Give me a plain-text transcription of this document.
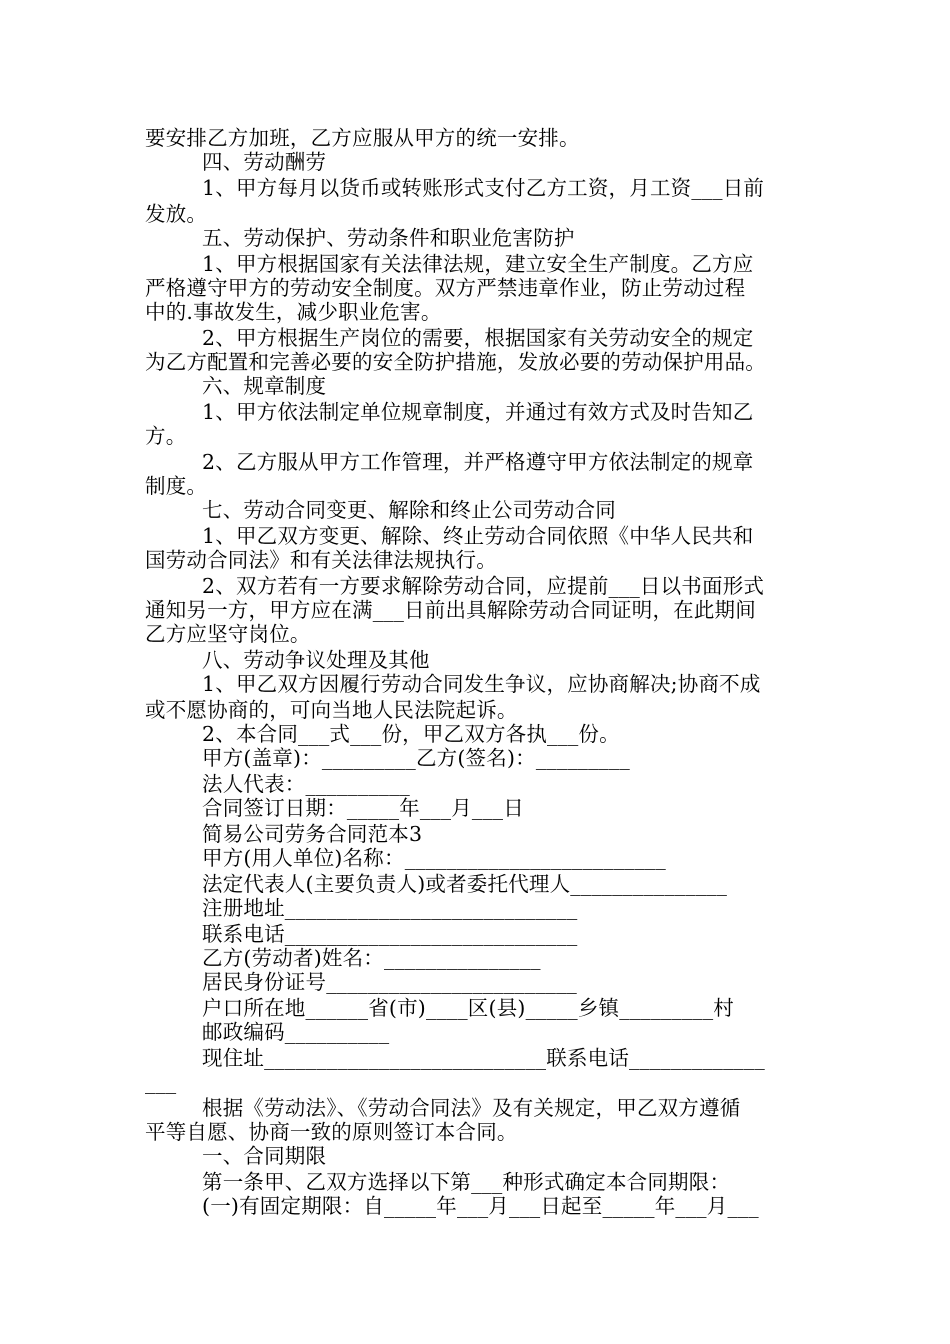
要安排乙方加班，乙方应服从甲方的统一安排。
四、劳动酬劳
1、甲方每月以货币或转账形式支付乙方工资，月工资___日前
发放。
五、劳动保护、劳动条件和职业危害防护
1、甲方根据国家有关法律法规，建立安全生产制度。乙方应
严格遵守甲方的劳动安全制度。双方严禁违章作业，防止劳动过程
中的.事故发生，减少职业危害。
2、甲方根据生产岗位的需要，根据国家有关劳动安全的规定
为乙方配置和完善必要的安全防护措施，发放必要的劳动保护用品。
六、规章制度
1、甲方依法制定单位规章制度，并通过有效方式及时告知乙
方。
2、乙方服从甲方工作管理，并严格遵守甲方依法制定的规章
制度。
七、劳动合同变更、解除和终止公司劳动合同
1、甲乙双方变更、解除、终止劳动合同依照《中华人民共和
国劳动合同法》和有关法律法规执行。
2、双方若有一方要求解除劳动合同，应提前___日以书面形式
通知另一方，甲方应在满___日前出具解除劳动合同证明，在此期间
乙方应坚守岗位。
八、劳动争议处理及其他
1、甲乙双方因履行劳动合同发生争议，应协商解决;协商不成
或不愿协商的，可向当地人民法院起诉。
2、本合同___式___份，甲乙双方各执___份。
甲方(盖章)：_________乙方(签名)：_________
法人代表：__________
合同签订日期：_____年___月___日
简易公司劳务合同范本3
甲方(用人单位)名称：_________________________
法定代表人(主要负责人)或者委托代理人_______________
注册地址____________________________
联系电话____________________________
乙方(劳动者)姓名：_______________
居民身份证号________________________
户口所在地______省(市)____区(县)_____乡镇_________村
邮政编码__________
现住址___________________________联系电话_____________
___
根据《劳动法》、《劳动合同法》及有关规定，甲乙双方遵循
平等自愿、协商一致的原则签订本合同。
一、合同期限
第一条甲、乙双方选择以下第___种形式确定本合同期限：
(一)有固定期限：自_____年___月___日起至_____年___月___
